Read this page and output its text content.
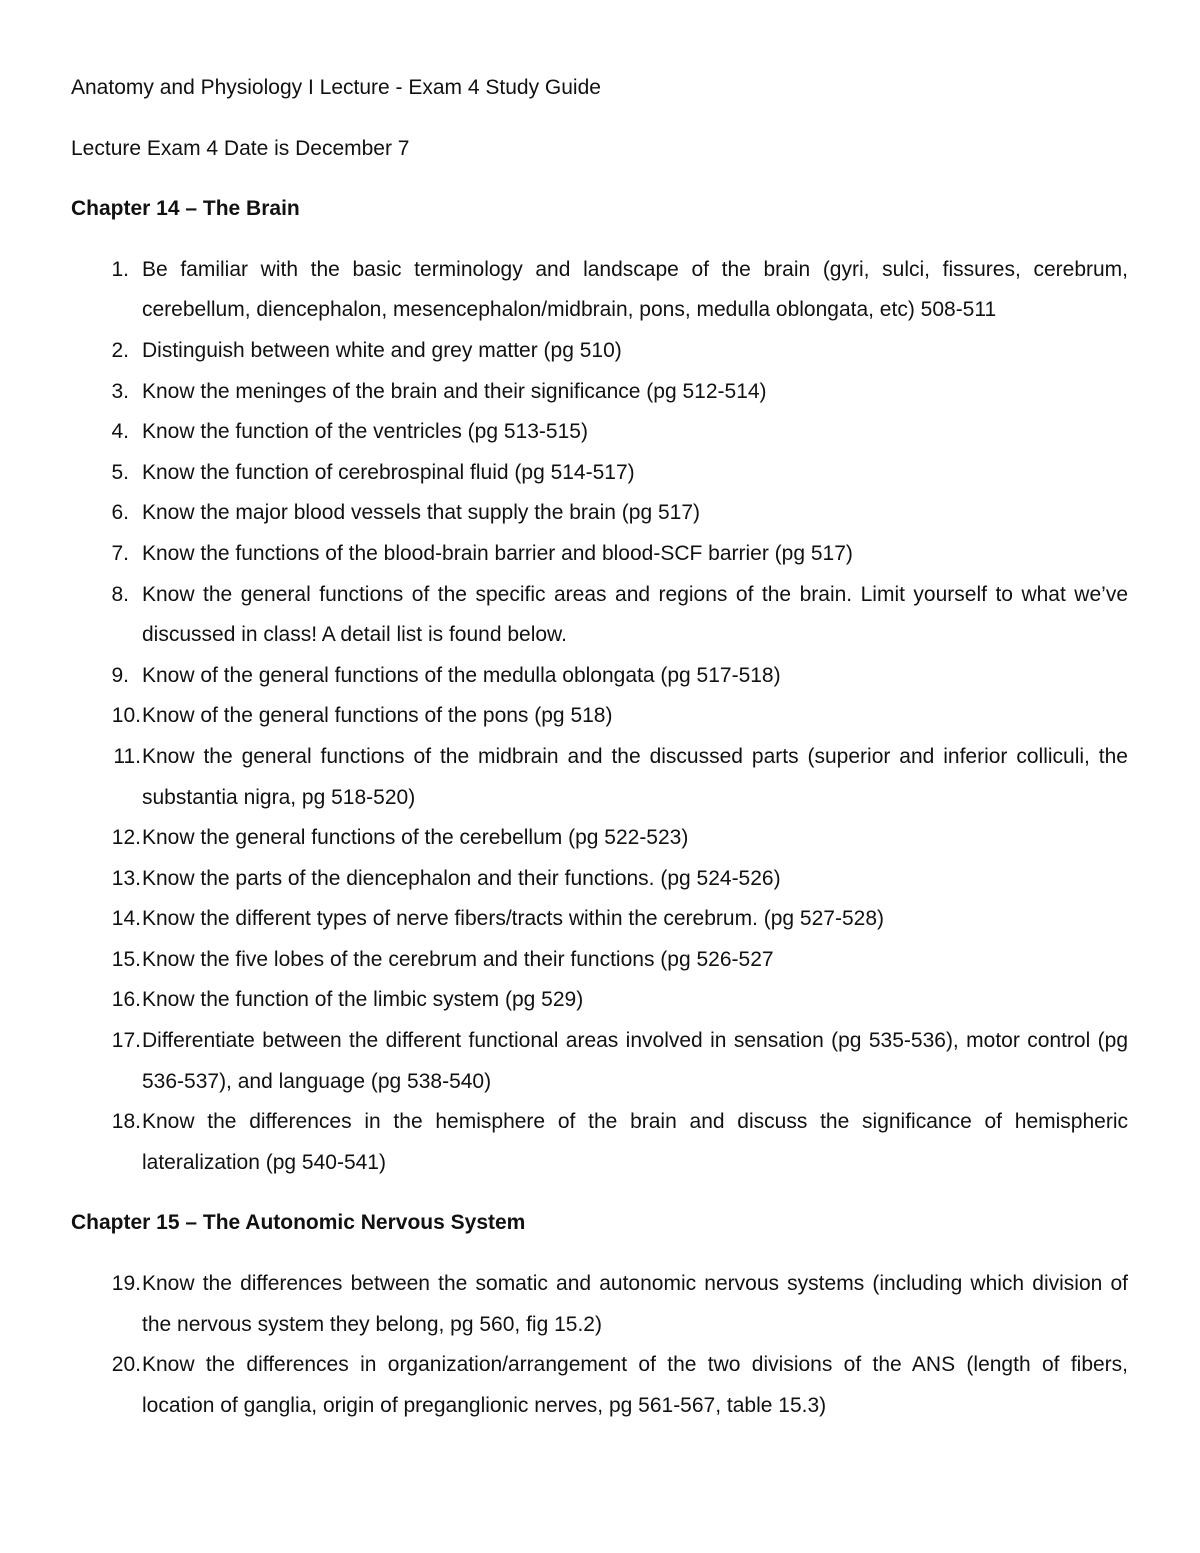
Anatomy and Physiology I Lecture - Exam 4 Study Guide

Lecture Exam 4 Date is December 7

Chapter 14 – The Brain

1. Be familiar with the basic terminology and landscape of the brain (gyri, sulci, fissures, cerebrum, cerebellum, diencephalon, mesencephalon/midbrain, pons, medulla oblongata, etc) 508-511
2. Distinguish between white and grey matter (pg 510)
3. Know the meninges of the brain and their significance (pg 512-514)
4. Know the function of the ventricles (pg 513-515)
5. Know the function of cerebrospinal fluid (pg 514-517)
6. Know the major blood vessels that supply the brain (pg 517)
7. Know the functions of the blood-brain barrier and blood-SCF barrier (pg 517)
8. Know the general functions of the specific areas and regions of the brain. Limit yourself to what we’ve discussed in class! A detail list is found below.
9. Know of the general functions of the medulla oblongata (pg 517-518)
10. Know of the general functions of the pons (pg 518)
11. Know the general functions of the midbrain and the discussed parts (superior and inferior colliculi, the substantia nigra, pg 518-520)
12. Know the general functions of the cerebellum (pg 522-523)
13. Know the parts of the diencephalon and their functions. (pg 524-526)
14. Know the different types of nerve fibers/tracts within the cerebrum. (pg 527-528)
15. Know the five lobes of the cerebrum and their functions (pg 526-527
16. Know the function of the limbic system (pg 529)
17. Differentiate between the different functional areas involved in sensation (pg 535-536), motor control (pg 536-537), and language (pg 538-540)
18. Know the differences in the hemisphere of the brain and discuss the significance of hemispheric lateralization (pg 540-541)

Chapter 15 – The Autonomic Nervous System

19. Know the differences between the somatic and autonomic nervous systems (including which division of the nervous system they belong, pg 560, fig 15.2)
20. Know the differences in organization/arrangement of the two divisions of the ANS (length of fibers, location of ganglia, origin of preganglionic nerves, pg 561-567, table 15.3)
